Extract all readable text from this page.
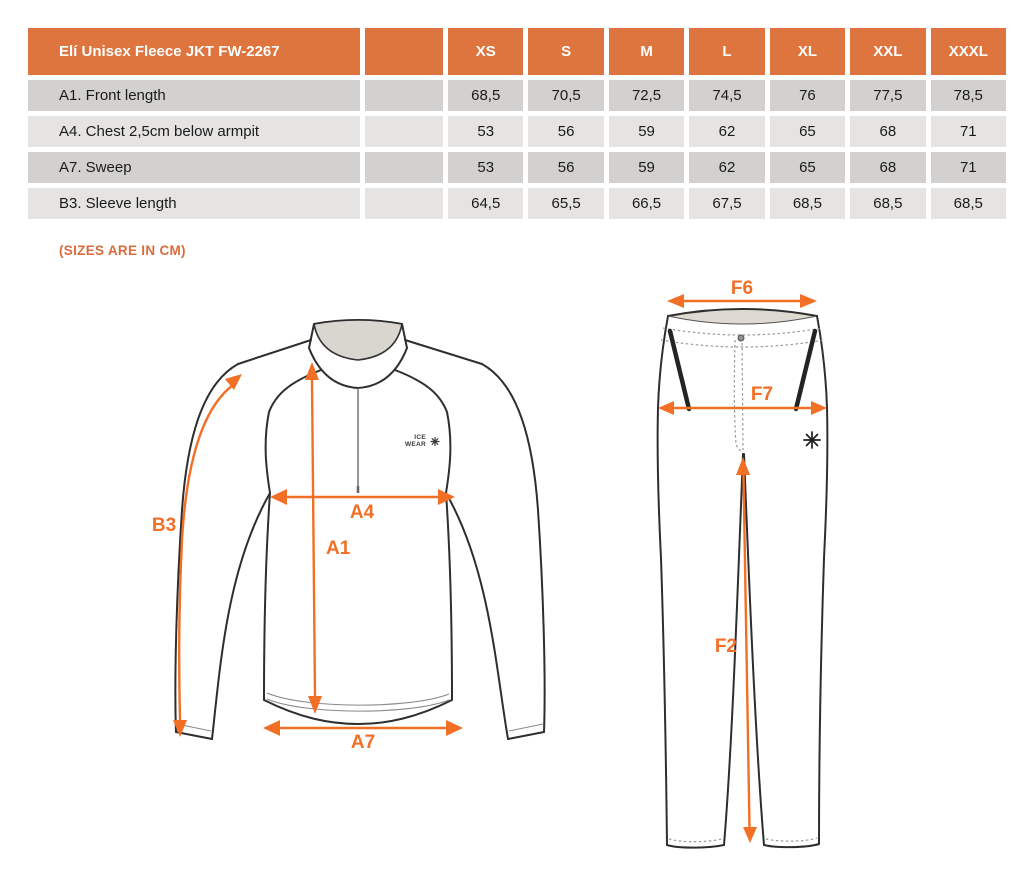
Elí Unisex Fleece JKT FW-2267	XS	S	M	L	XL	XXL	XXXL
A1. Front length	68,5	70,5	72,5	74,5	76	77,5	78,5
A4. Chest 2,5cm below armpit	53	56	59	62	65	68	71
A7. Sweep	53	56	59	62	65	68	71
B3. Sleeve length	64,5	65,5	66,5	67,5	68,5	68,5	68,5
(SIZES ARE IN CM)
ICE
WEAR
A1
A4
A7
B3
F6
F7
F2
